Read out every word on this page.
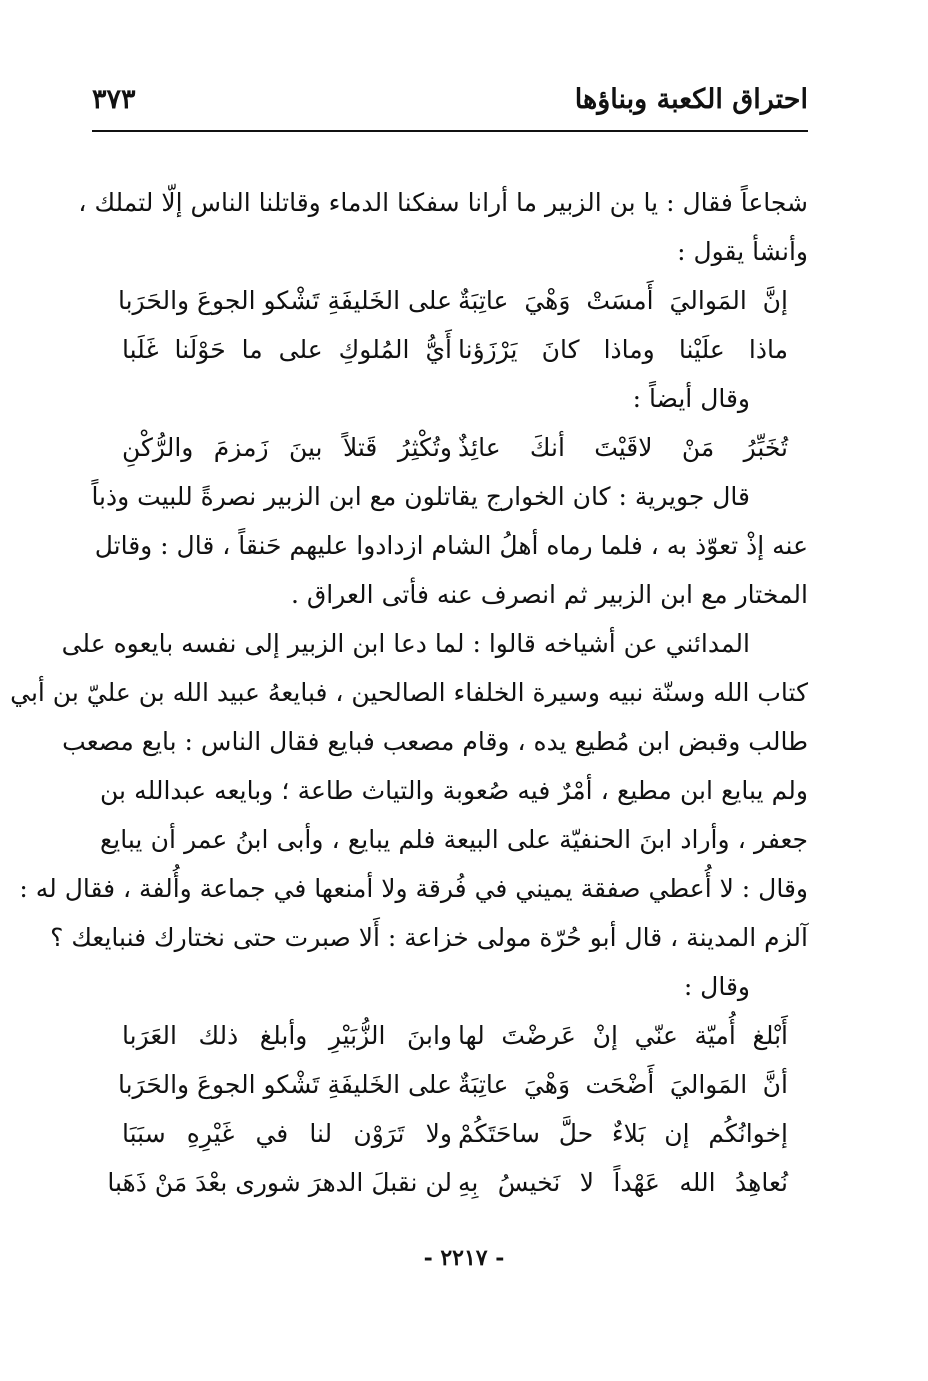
احتراق الكعبة وبناؤها
٣٧٣
شجاعاً فقال : يا بن الزبير ما أرانا سفكنا الدماء وقاتلنا الناس إلّا لتملك ،
وأنشأ يقول :
إنَّ المَواليَ أَمسَتْ وَهْيَ عاتِبَةٌ
على الخَليفَةِ تَشْكو الجوعَ والحَرَبا
ماذا علَيْنا وماذا كانَ يَرْزَؤنا
أَيُّ المُلوكِ على ما حَوْلَنا غَلَبا
وقال أيضاً :
تُخَبِّرُ مَنْ لاقَيْتَ أنكَ عائِذٌ
وتُكْثِرُ قَتلاً بينَ زَمزمَ والرُّكْنِ
قال جويرية : كان الخوارج يقاتلون مع ابن الزبير نصرةً للبيت وذباً
عنه إذْ تعوّذ به ، فلما رماه أهلُ الشام ازدادوا عليهم حَنقاً ، قال : وقاتل
المختار مع ابن الزبير ثم انصرف عنه فأتى العراق .
المدائني عن أشياخه قالوا : لما دعا ابن الزبير إلى نفسه بايعوه على
كتاب الله وسنّة نبيه وسيرة الخلفاء الصالحين ، فبايعهُ عبيد الله بن عليّ بن أبي
طالب وقبض ابن مُطيع يده ، وقام مصعب فبايع فقال الناس : بايع مصعب
ولم يبايع ابن مطيع ، أمْرٌ فيه صُعوبة والتياث طاعة ؛ وبايعه عبدالله بن
جعفر ، وأراد ابنَ الحنفيّة على البيعة فلم يبايع ، وأبى ابنُ عمر أن يبايع
وقال : لا أُعطي صفقة يميني في فُرقة ولا أمنعها في جماعة وأُلفة ، فقال له :
آلزم المدينة ، قال أبو حُرّة مولى خزاعة : أَلا صبرت حتى نختارك فنبايعك ؟
وقال :
أَبْلغ أُميّة عنّي إنْ عَرضْتَ لها
وابنَ الزُّبَيْرِ وأبلغ ذلك العَرَبا
أنَّ المَواليَ أَضْحَت وَهْيَ عاتِبَةٌ
على الخَليفَةِ تَشْكو الجوعَ والحَرَبا
إخوانُكُم إن بَلاءٌ حلَّ ساحَتَكُمْ
ولا تَرَوْن لنا في غَيْرِهِ سبَبَا
نُعاهِدُ الله عَهْداً لا نَخيسُ بِهِ
لن نقبلَ الدهرَ شورى بعْدَ مَنْ ذَهَبا
- ٢٢١٧ -
